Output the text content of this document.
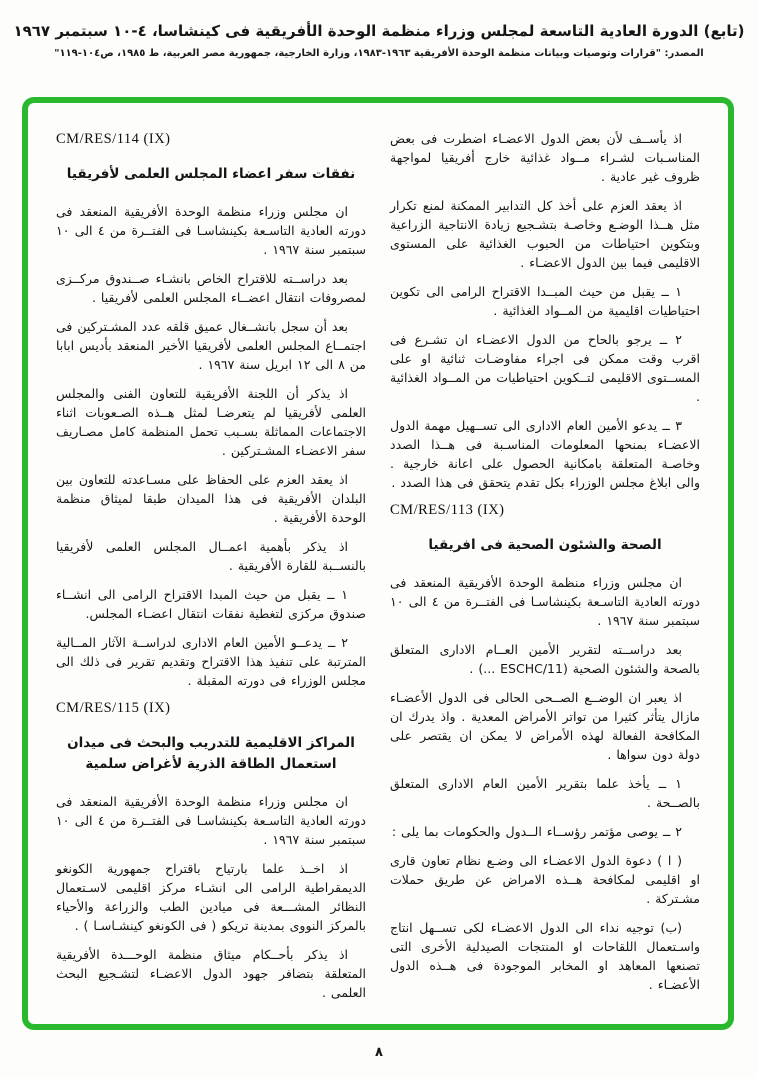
(تابع) الدورة العادية التاسعة لمجلس وزراء منظمة الوحدة الأفريقية فى كينشاسا، ٤-١٠ سبتمبر ١٩٦٧
المصدر: "قرارات وتوصيات وبيانات منظمة الوحدة الأفريقية ١٩٦٣-١٩٨٣، وزارة الخارجية، جمهورية مصر العربية، ط ١٩٨٥، ص١٠٤-١١٩"

اذ يأســف لأن بعض الدول الاعضـاء اضطرت فى بعض المناسـبات لشـراء مــواد غذائية خارج أفريقيا لمواجهة ظروف غير عادية .

اذ يعقد العزم على أخذ كل التدابير الممكنة لمنع تكرار مثل هــذا الوضـع وخاصـة بتشـجيع زيادة الانتاجية الزراعية وبتكوين احتياطات من الحبوب الغذائية على المستوى الاقليمى فيما بين الدول الاعضـاء .

١ ــ يقبل من حيث المبــدا الاقتراح الرامى الى تكوين احتياطيات اقليمية من المــواد الغذائية .

٢ ــ يرجو بالحاح من الدول الاعضـاء ان تشـرع فى اقرب وقت ممكن فى اجراء مفاوضـات ثنائية او على المســتوى الاقليمى لتــكوين احتياطيات من المــواد الغذائية .

٣ ــ يدعو الأمين العام الادارى الى تســهيل مهمة الدول الاعضـاء بمنحها المعلومات المناسـبة فى هــذا الصدد وخاصـة المتعلقة بامكانية الحصول على اعانة خارجية . والى ابلاغ مجلس الوزراء بكل تقدم يتحقق فى هذا الصدد .

CM/RES/113 (IX)
الصحة والشئون الصحية فى افريقيا

ان مجلس وزراء منظمة الوحدة الأفريقية المنعقد فى دورته العادية التاسـعة بكينشاسـا فى الفتــرة من ٤ الى ١٠ سبتمبر سنة ١٩٦٧ .

بعد دراســته لتقرير الأمين العــام الادارى المتعلق بالصحة والشئون الصحية (ESCHC/11 ...) .

اذ يعبر ان الوضــع الصــحى الحالى فى الدول الأعضـاء مازال يتأثر كثيرا من تواتر الأمراض المعدية . واذ يدرك ان المكافحة الفعالة لهذه الأمراض لا يمكن ان يقتصر على دولة دون سواها .

١ ــ يأخذ علما بتقرير الأمين العام الادارى المتعلق بالصــحة .

٢ ــ يوصى مؤتمر رؤســاء الــدول والحكومات بما يلى :

( ا ) دعوة الدول الاعضـاء الى وضـع نظام تعاون قارى او اقليمى لمكافحة هــذه الامراض عن طريق حملات مشـتركة .

(ب) توجيه نداء الى الدول الاعضـاء لكى تســهل انتاج واسـتعمال اللقاحات او المنتجات الصيدلية الأخرى التى تصنعها المعاهد او المخابر الموجودة فى هــذه الدول الأعضـاء .

CM/RES/114 (IX)
نفقات سفر اعضاء المجلس العلمى لأفريقيا

ان مجلس وزراء منظمة الوحدة الأفريقية المنعقد فى دورته العادية التاسـعة بكينشاسـا فى الفتــرة من ٤ الى ١٠ سبتمبر سنة ١٩٦٧ .

بعد دراســته للاقتراح الخاص بانشـاء صــندوق مركــزى لمصروفات انتقال اعضــاء المجلس العلمى لأفريقيا .

بعد أن سجل بانشــغال عميق قلقه عدد المشـتركين فى اجتمــاع المجلس العلمى لأفريقيا الأخير المنعقد بأديس ابابا من ٨ الى ١٢ ابريل سنة ١٩٦٧ .

اذ يذكر أن اللجنة الأفريقية للتعاون الفنى والمجلس العلمى لأفريقيا لم يتعرضـا لمثل هــذه الصـعوبات اثناء الاجتماعات المماثلة بسـبب تحمل المنظمة كامل مصـاريف سفر الاعضـاء المشـتركين .

اذ يعقد العزم على الحفاظ على مسـاعدته للتعاون بين البلدان الأفريقية فى هذا الميدان طبقا لميثاق منظمة الوحدة الأفريقية .

اذ يذكر بأهمية اعمــال المجلس العلمى لأفريقيا بالنســبة للقارة الأفريقية .

١ ــ يقبل من حيث المبدا الاقتراح الرامى الى انشــاء صندوق مركزى لتغطية نفقات انتقال اعضـاء المجلس.

٢ ــ يدعــو الأمين العام الادارى لدراســة الآثار المــالية المترتبة على تنفيذ هذا الاقتراح وتقديم تقرير فى ذلك الى مجلس الوزراء فى دورته المقبلة .

CM/RES/115 (IX)
المراكز الاقليمية للتدريب والبحث فى ميدان استعمال الطاقة الذرية لأغراض سلمية

ان مجلس وزراء منظمة الوحدة الأفريقية المنعقد فى دورته العادية التاسـعة بكينشاسـا فى الفتــرة من ٤ الى ١٠ سبتمبر سنة ١٩٦٧ .

اذ اخــذ علما بارتياح باقتراح جمهورية الكونغو الديمقراطية الرامى الى انشـاء مركز اقليمى لاسـتعمال النظائر المشـــعة فى ميادين الطب والزراعة والأحياء بالمركز النووى بمدينة تريكو ( فى الكونغو كينشـاسـا ) .

اذ يذكر بأحــكام ميثاق منظمة الوحـــدة الأفريقية المتعلقة بتضافر جهود الدول الاعضـاء لتشـجيع البحث العلمى .

٨
